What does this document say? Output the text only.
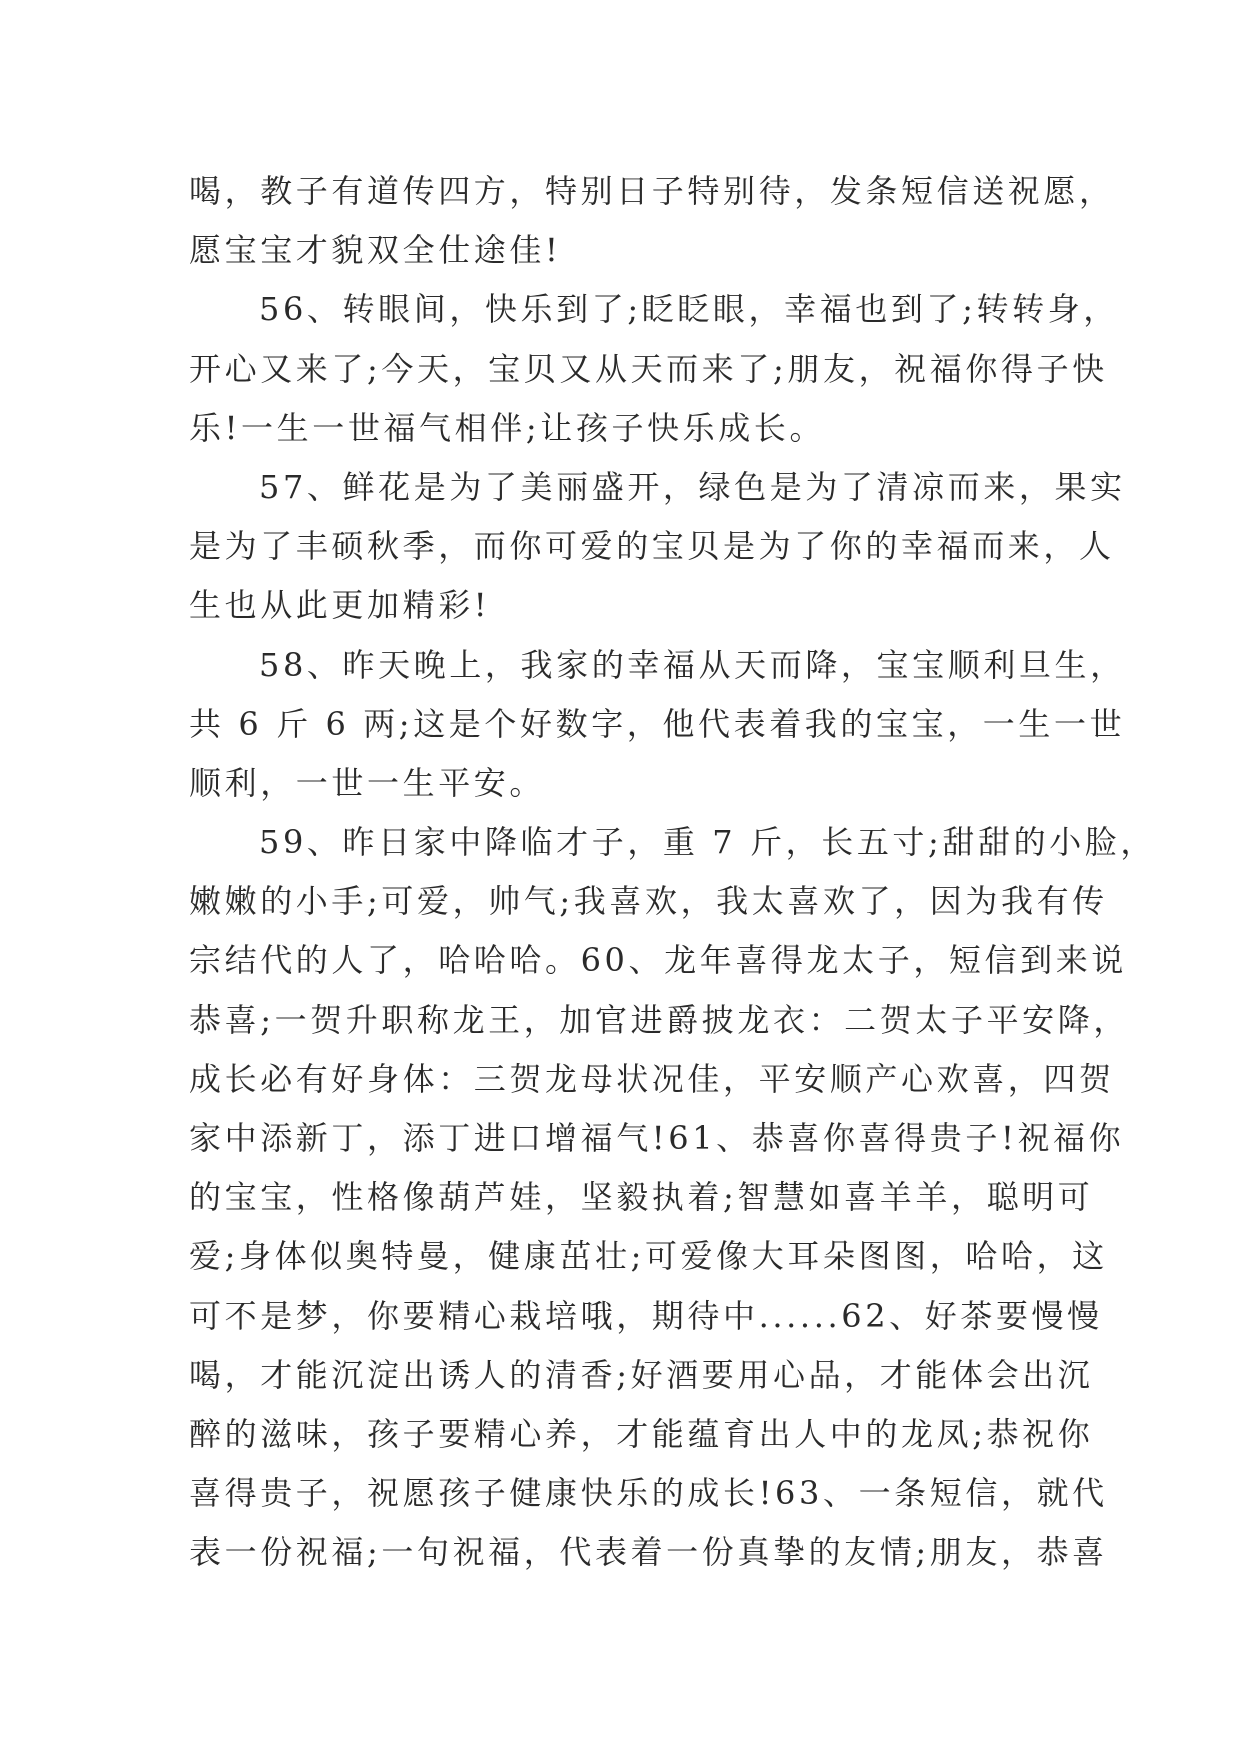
喝，教子有道传四方，特别日子特别待，发条短信送祝愿，

愿宝宝才貌双全仕途佳!

56、转眼间，快乐到了;眨眨眼，幸福也到了;转转身，

开心又来了;今天，宝贝又从天而来了;朋友，祝福你得子快

乐!一生一世福气相伴;让孩子快乐成长。

57、鲜花是为了美丽盛开，绿色是为了清凉而来，果实

是为了丰硕秋季，而你可爱的宝贝是为了你的幸福而来，人

生也从此更加精彩!

58、昨天晚上，我家的幸福从天而降，宝宝顺利旦生，

共 6 斤 6 两;这是个好数字，他代表着我的宝宝，一生一世

顺利，一世一生平安。

59、昨日家中降临才子，重 7 斤，长五寸;甜甜的小脸，

嫩嫩的小手;可爱，帅气;我喜欢，我太喜欢了，因为我有传

宗结代的人了，哈哈哈。60、龙年喜得龙太子，短信到来说

恭喜;一贺升职称龙王，加官进爵披龙衣：二贺太子平安降，

成长必有好身体：三贺龙母状况佳，平安顺产心欢喜，四贺

家中添新丁，添丁进口增福气!61、恭喜你喜得贵子!祝福你

的宝宝，性格像葫芦娃，坚毅执着;智慧如喜羊羊，聪明可

爱;身体似奥特曼，健康茁壮;可爱像大耳朵图图，哈哈，这

可不是梦，你要精心栽培哦，期待中......62、好茶要慢慢

喝，才能沉淀出诱人的清香;好酒要用心品，才能体会出沉

醉的滋味，孩子要精心养，才能蕴育出人中的龙凤;恭祝你

喜得贵子，祝愿孩子健康快乐的成长!63、一条短信，就代

表一份祝福;一句祝福，代表着一份真挚的友情;朋友，恭喜
